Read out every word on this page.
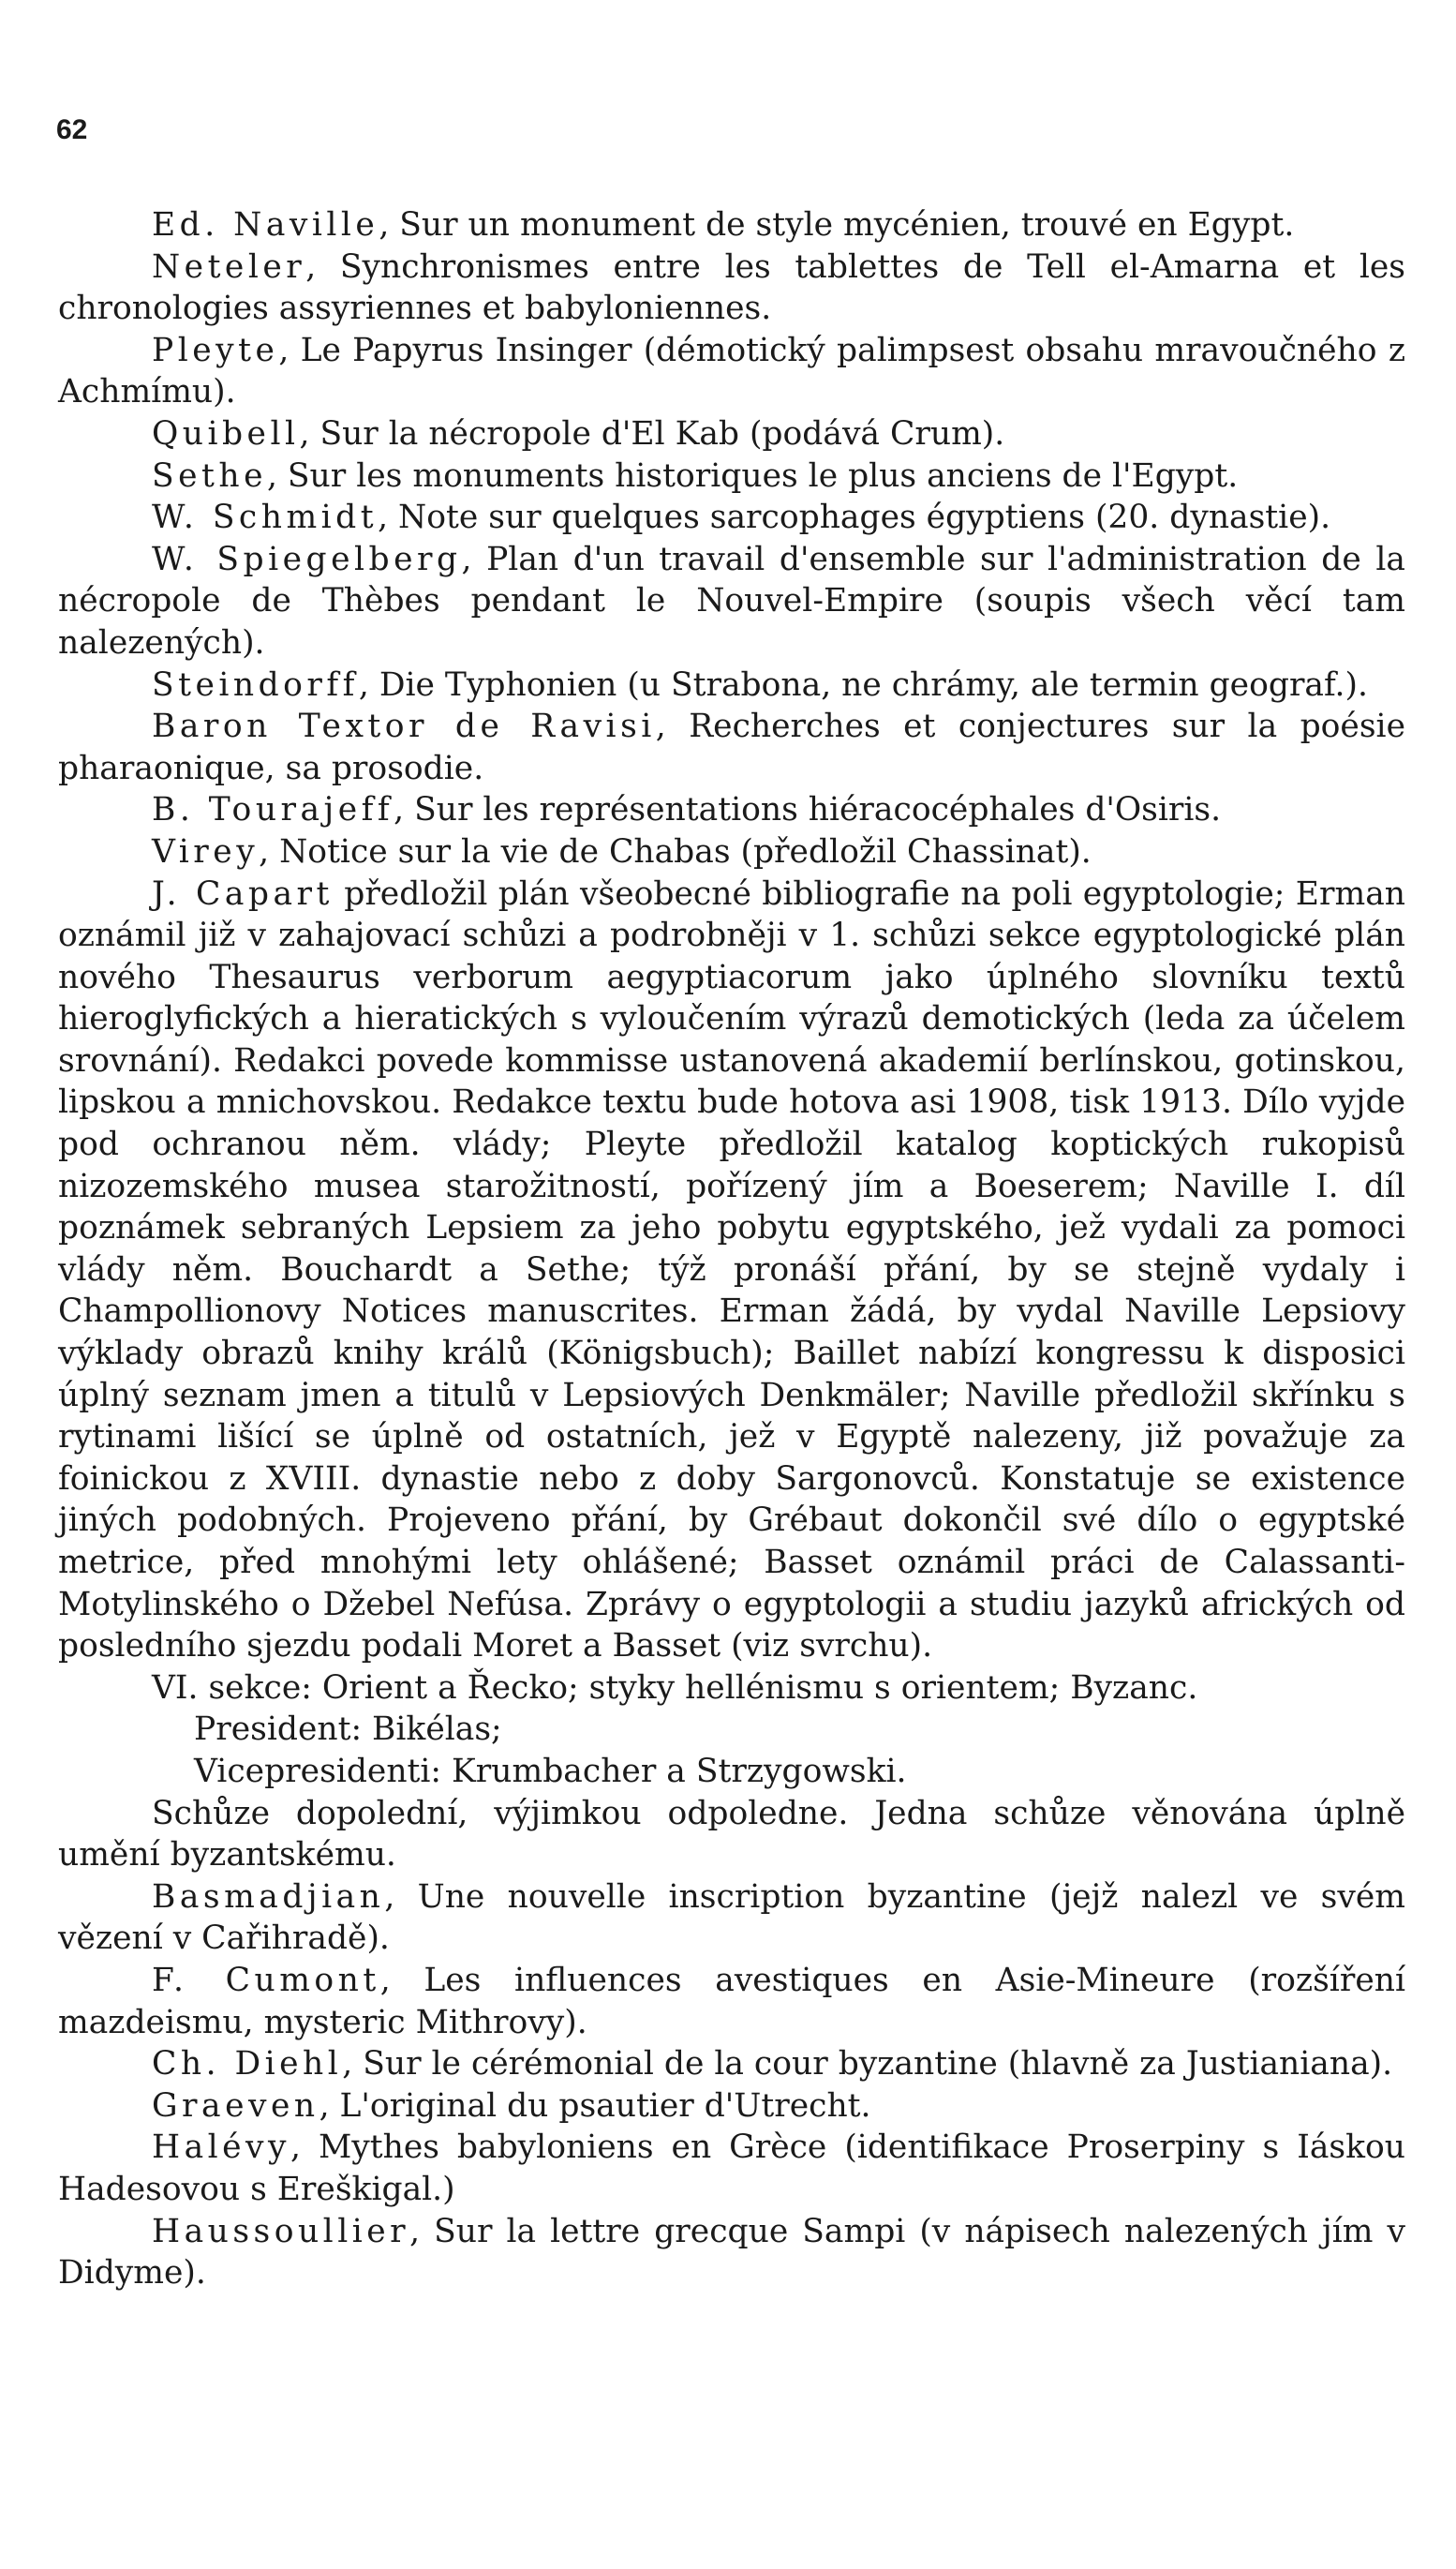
62

Ed. Naville, Sur un monument de style mycénien, trouvé en Egypt.

Neteler, Synchronismes entre les tablettes de Tell el-Amarna et les chronologies assyriennes et babyloniennes.

Pleyte, Le Papyrus Insinger (démotický palimpsest obsahu mravoučného z Achmímu).

Quibell, Sur la nécropole d'El Kab (podává Crum).

Sethe, Sur les monuments historiques le plus anciens de l'Egypt.

W. Schmidt, Note sur quelques sarcophages égyptiens (20. dynastie).

W. Spiegelberg, Plan d'un travail d'ensemble sur l'administration de la nécropole de Thèbes pendant le Nouvel-Empire (soupis všech věcí tam nalezených).

Steindorff, Die Typhonien (u Strabona, ne chrámy, ale termin geograf.).

Baron Textor de Ravisi, Recherches et conjectures sur la poésie pharaonique, sa prosodie.

B. Tourajeff, Sur les représentations hiéracocéphales d'Osiris.

Virey, Notice sur la vie de Chabas (předložil Chassinat).

J. Capart předložil plán všeobecné bibliografie na poli egyptologie; Erman oznámil již v zahajovací schůzi a podrobněji v 1. schůzi sekce egyptologické plán nového Thesaurus verborum aegyptiacorum jako úplného slovníku textů hieroglyfických a hieratických s vyloučením výrazů demotických (leda za účelem srovnání). Redakci povede kommisse ustanovená akademií berlínskou, gotinskou, lipskou a mnichovskou. Redakce textu bude hotova asi 1908, tisk 1913. Dílo vyjde pod ochranou něm. vlády; Pleyte předložil katalog koptických rukopisů nizozemského musea starožitností, pořízený jím a Boeserem; Naville I. díl poznámek sebraných Lepsiem za jeho pobytu egyptského, jež vydali za pomoci vlády něm. Bouchardt a Sethe; týž pronáší přání, by se stejně vydaly i Champollionovy Notices manuscrites. Erman žádá, by vydal Naville Lepsiovy výklady obrazů knihy králů (Königsbuch); Baillet nabízí kongressu k disposici úplný seznam jmen a titulů v Lepsiových Denkmäler; Naville předložil skřínku s rytinami lišící se úplně od ostatních, jež v Egyptě nalezeny, již považuje za foinickou z XVIII. dynastie nebo z doby Sargonovců. Konstatuje se existence jiných podobných. Projeveno přání, by Grébaut dokončil své dílo o egyptské metrice, před mnohými lety ohlášené; Basset oznámil práci de Calassanti-Motylinského o Džebel Nefúsa. Zprávy o egyptologii a studiu jazyků afrických od posledního sjezdu podali Moret a Basset (viz svrchu).

VI. sekce: Orient a Řecko; styky hellénismu s orientem; Byzanc.

President: Bikélas;

Vicepresidenti: Krumbacher a Strzygowski.

Schůze dopolední, výjimkou odpoledne. Jedna schůze věnována úplně umění byzantskému.

Basmadjian, Une nouvelle inscription byzantine (jejž nalezl ve svém vězení v Cařihradě).

F. Cumont, Les influences avestiques en Asie-Mineure (rozšíření mazdeismu, mysteric Mithrovy).

Ch. Diehl, Sur le cérémonial de la cour byzantine (hlavně za Justianiana).

Graeven, L'original du psautier d'Utrecht.

Halévy, Mythes babyloniens en Grèce (identifikace Proserpiny s Iáskou Hadesovou s Ereškigal.)

Haussoullier, Sur la lettre grecque Sampi (v nápisech nalezených jím v Didyme).
